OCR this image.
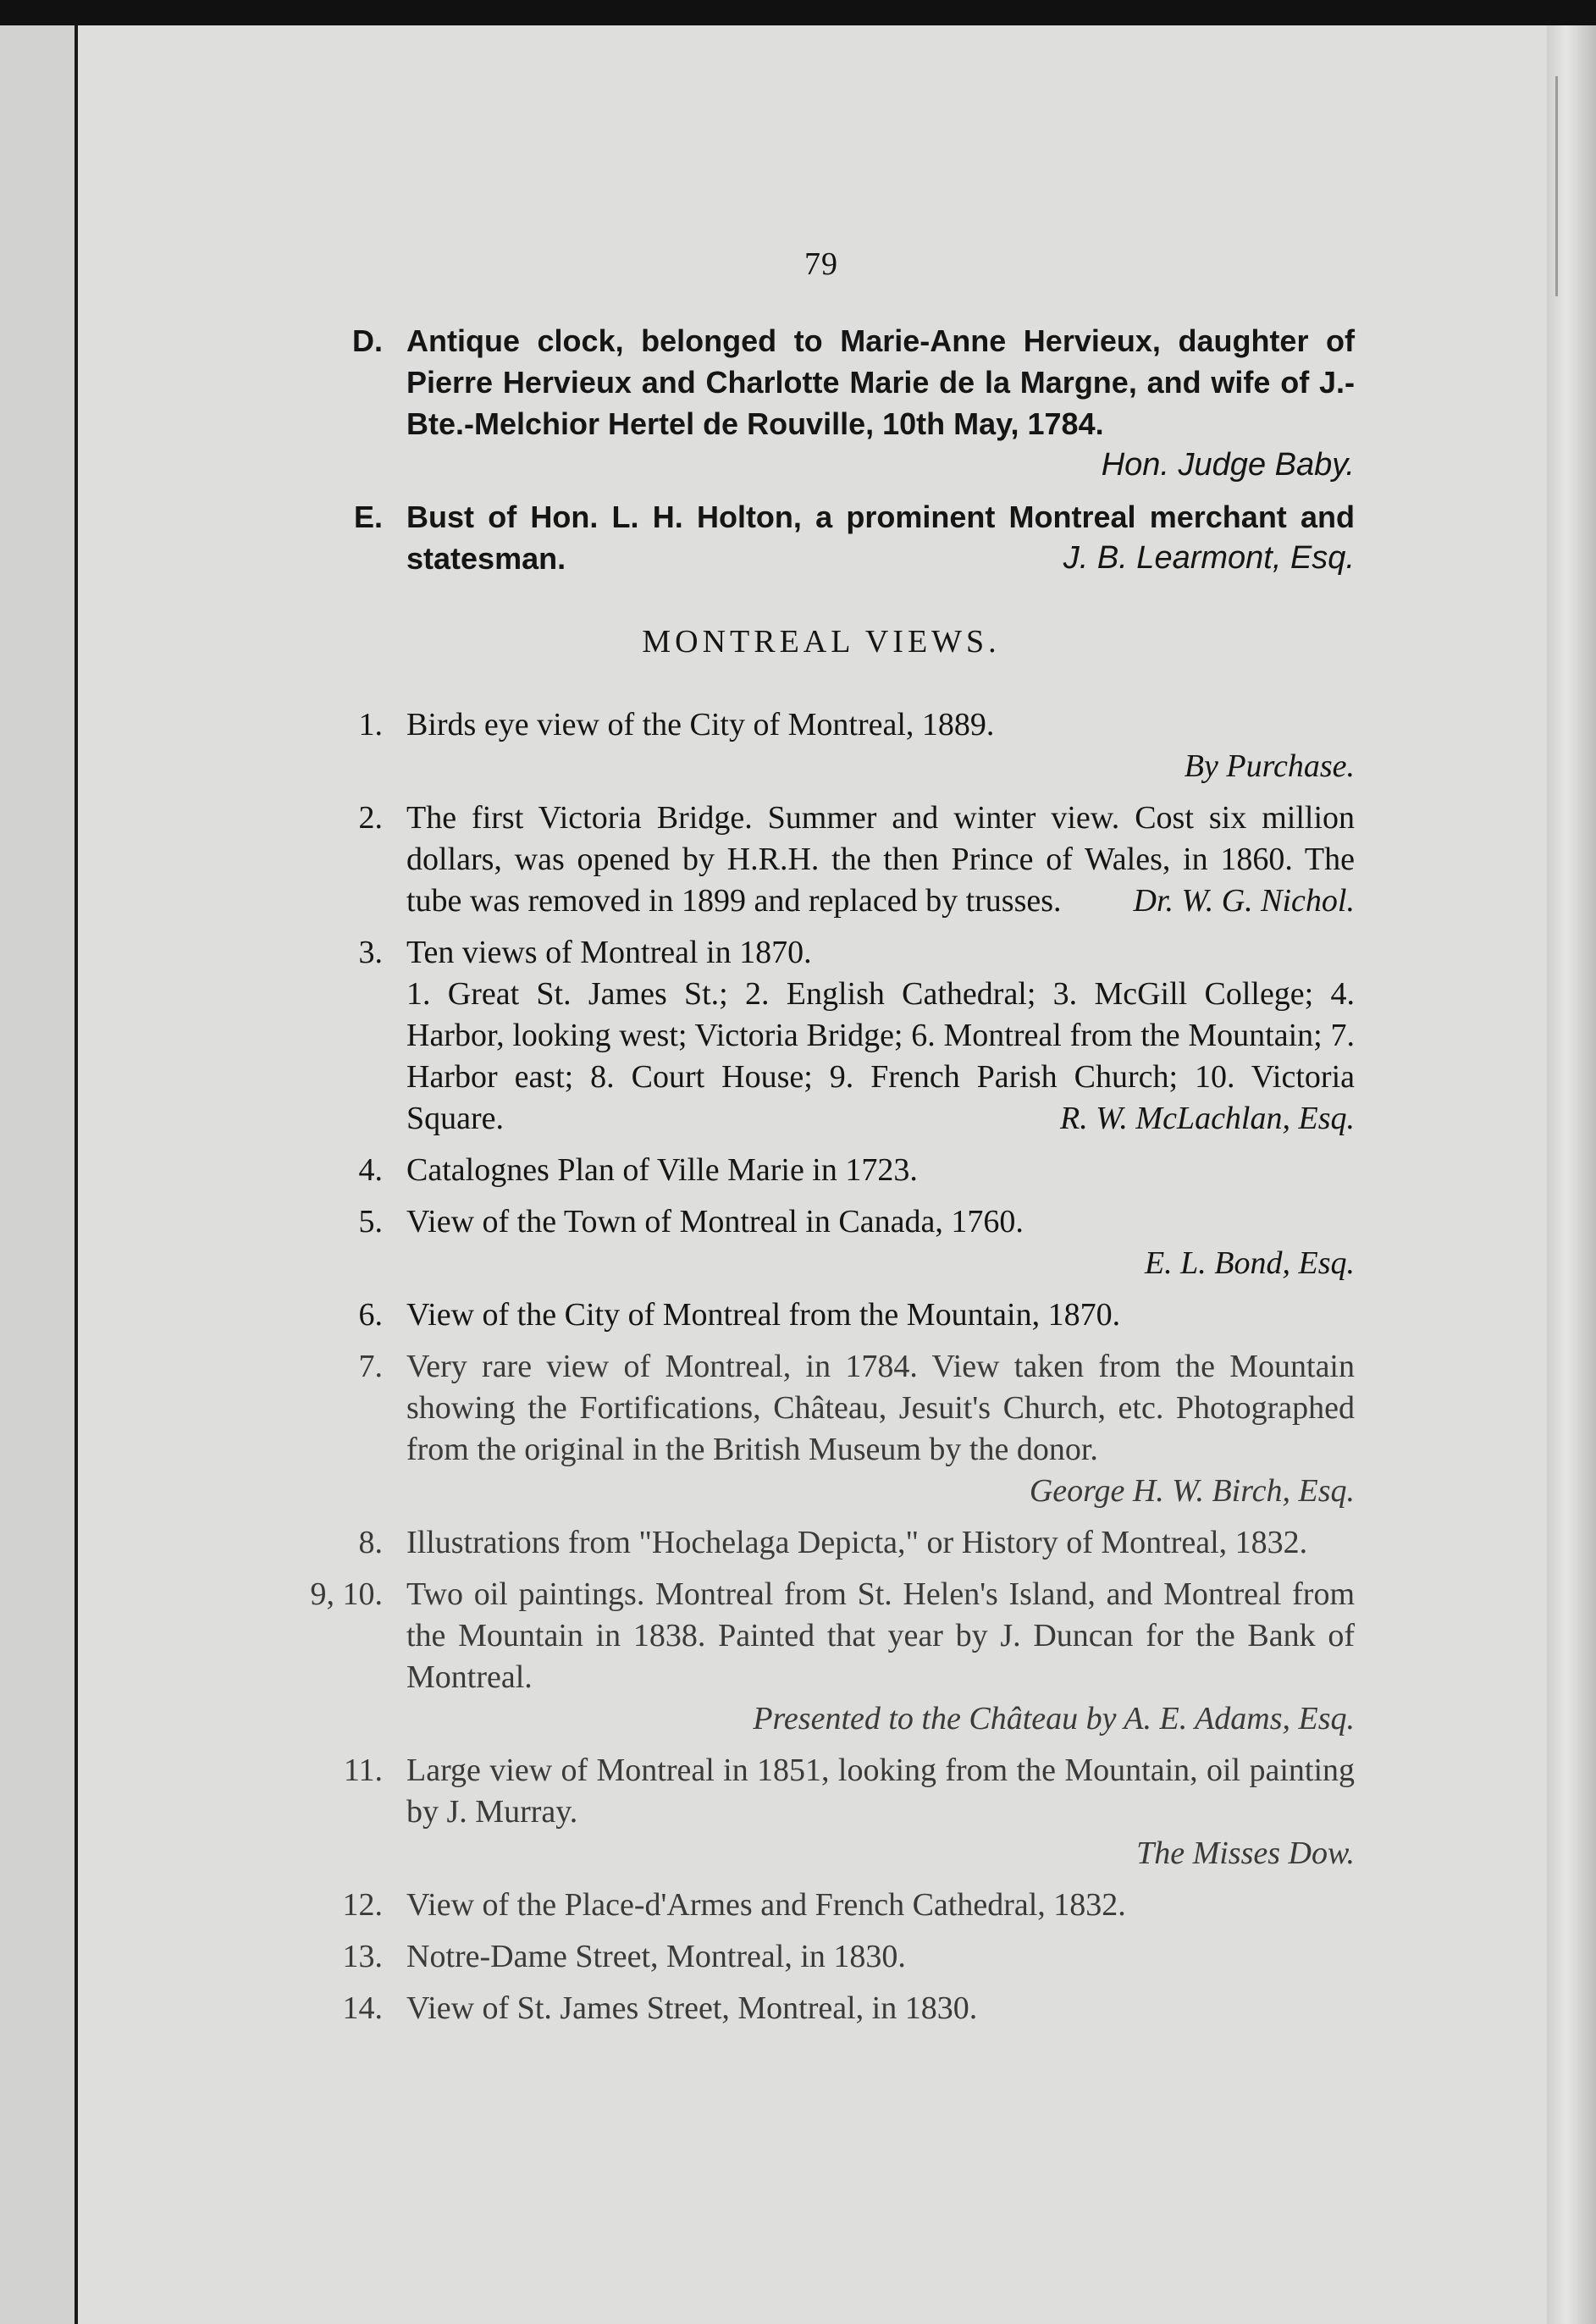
79
D. Antique clock, belonged to Marie-Anne Hervieux, daughter of Pierre Hervieux and Charlotte Marie de la Margne, and wife of J.-Bte.-Melchior Hertel de Rouville, 10th May, 1784.
Hon. Judge Baby.

E. Bust of Hon. L. H. Holton, a prominent Montreal merchant and statesman.	J. B. Learmont, Esq.

MONTREAL VIEWS.
1. Birds eye view of the City of Montreal, 1889.

By Purchase.
2. The first Victoria Bridge. Summer and winter view. Cost six million dollars, was opened by H.R.H. the then Prince of Wales, in 1860. The tube was removed in 1899 and replaced by trusses.	Dr. W. G. Nichol.

3. Ten views of Montreal in 1870.

1. Great St. James St.; 2. English Cathedral; 3. McGill College; 4. Harbor, looking west; Victoria Bridge; 6. Montreal from the Mountain; 7. Harbor east; 8. Court House; 9. French Parish Church; 10. Victoria Square.	R. W. McLachlan, Esq.

4. Catalognes Plan of Ville Marie in 1723.

5. View of the Town of Montreal in Canada, 1760.

E. L. Bond, Esq.
6. View of the City of Montreal from the Mountain, 1870.

7. Very rare view of Montreal, in 1784. View taken from the Mountain showing the Fortifications, Château, Jesuit's Church, etc. Photographed from the original in the British Museum by the donor.

George H. W. Birch, Esq.
8. Illustrations from "Hochelaga Depicta," or History of Montreal, 1832.

9, 10. Two oil paintings. Montreal from St. Helen's Island, and Montreal from the Mountain in 1838. Painted that year by J. Duncan for the Bank of Montreal.

Presented to the Château by A. E. Adams, Esq.
11. Large view of Montreal in 1851, looking from the Mountain, oil painting by J. Murray.

The Misses Dow.
12. View of the Place-d'Armes and French Cathedral, 1832.

13. Notre-Dame Street, Montreal, in 1830.

14. View of St. James Street, Montreal, in 1830.
